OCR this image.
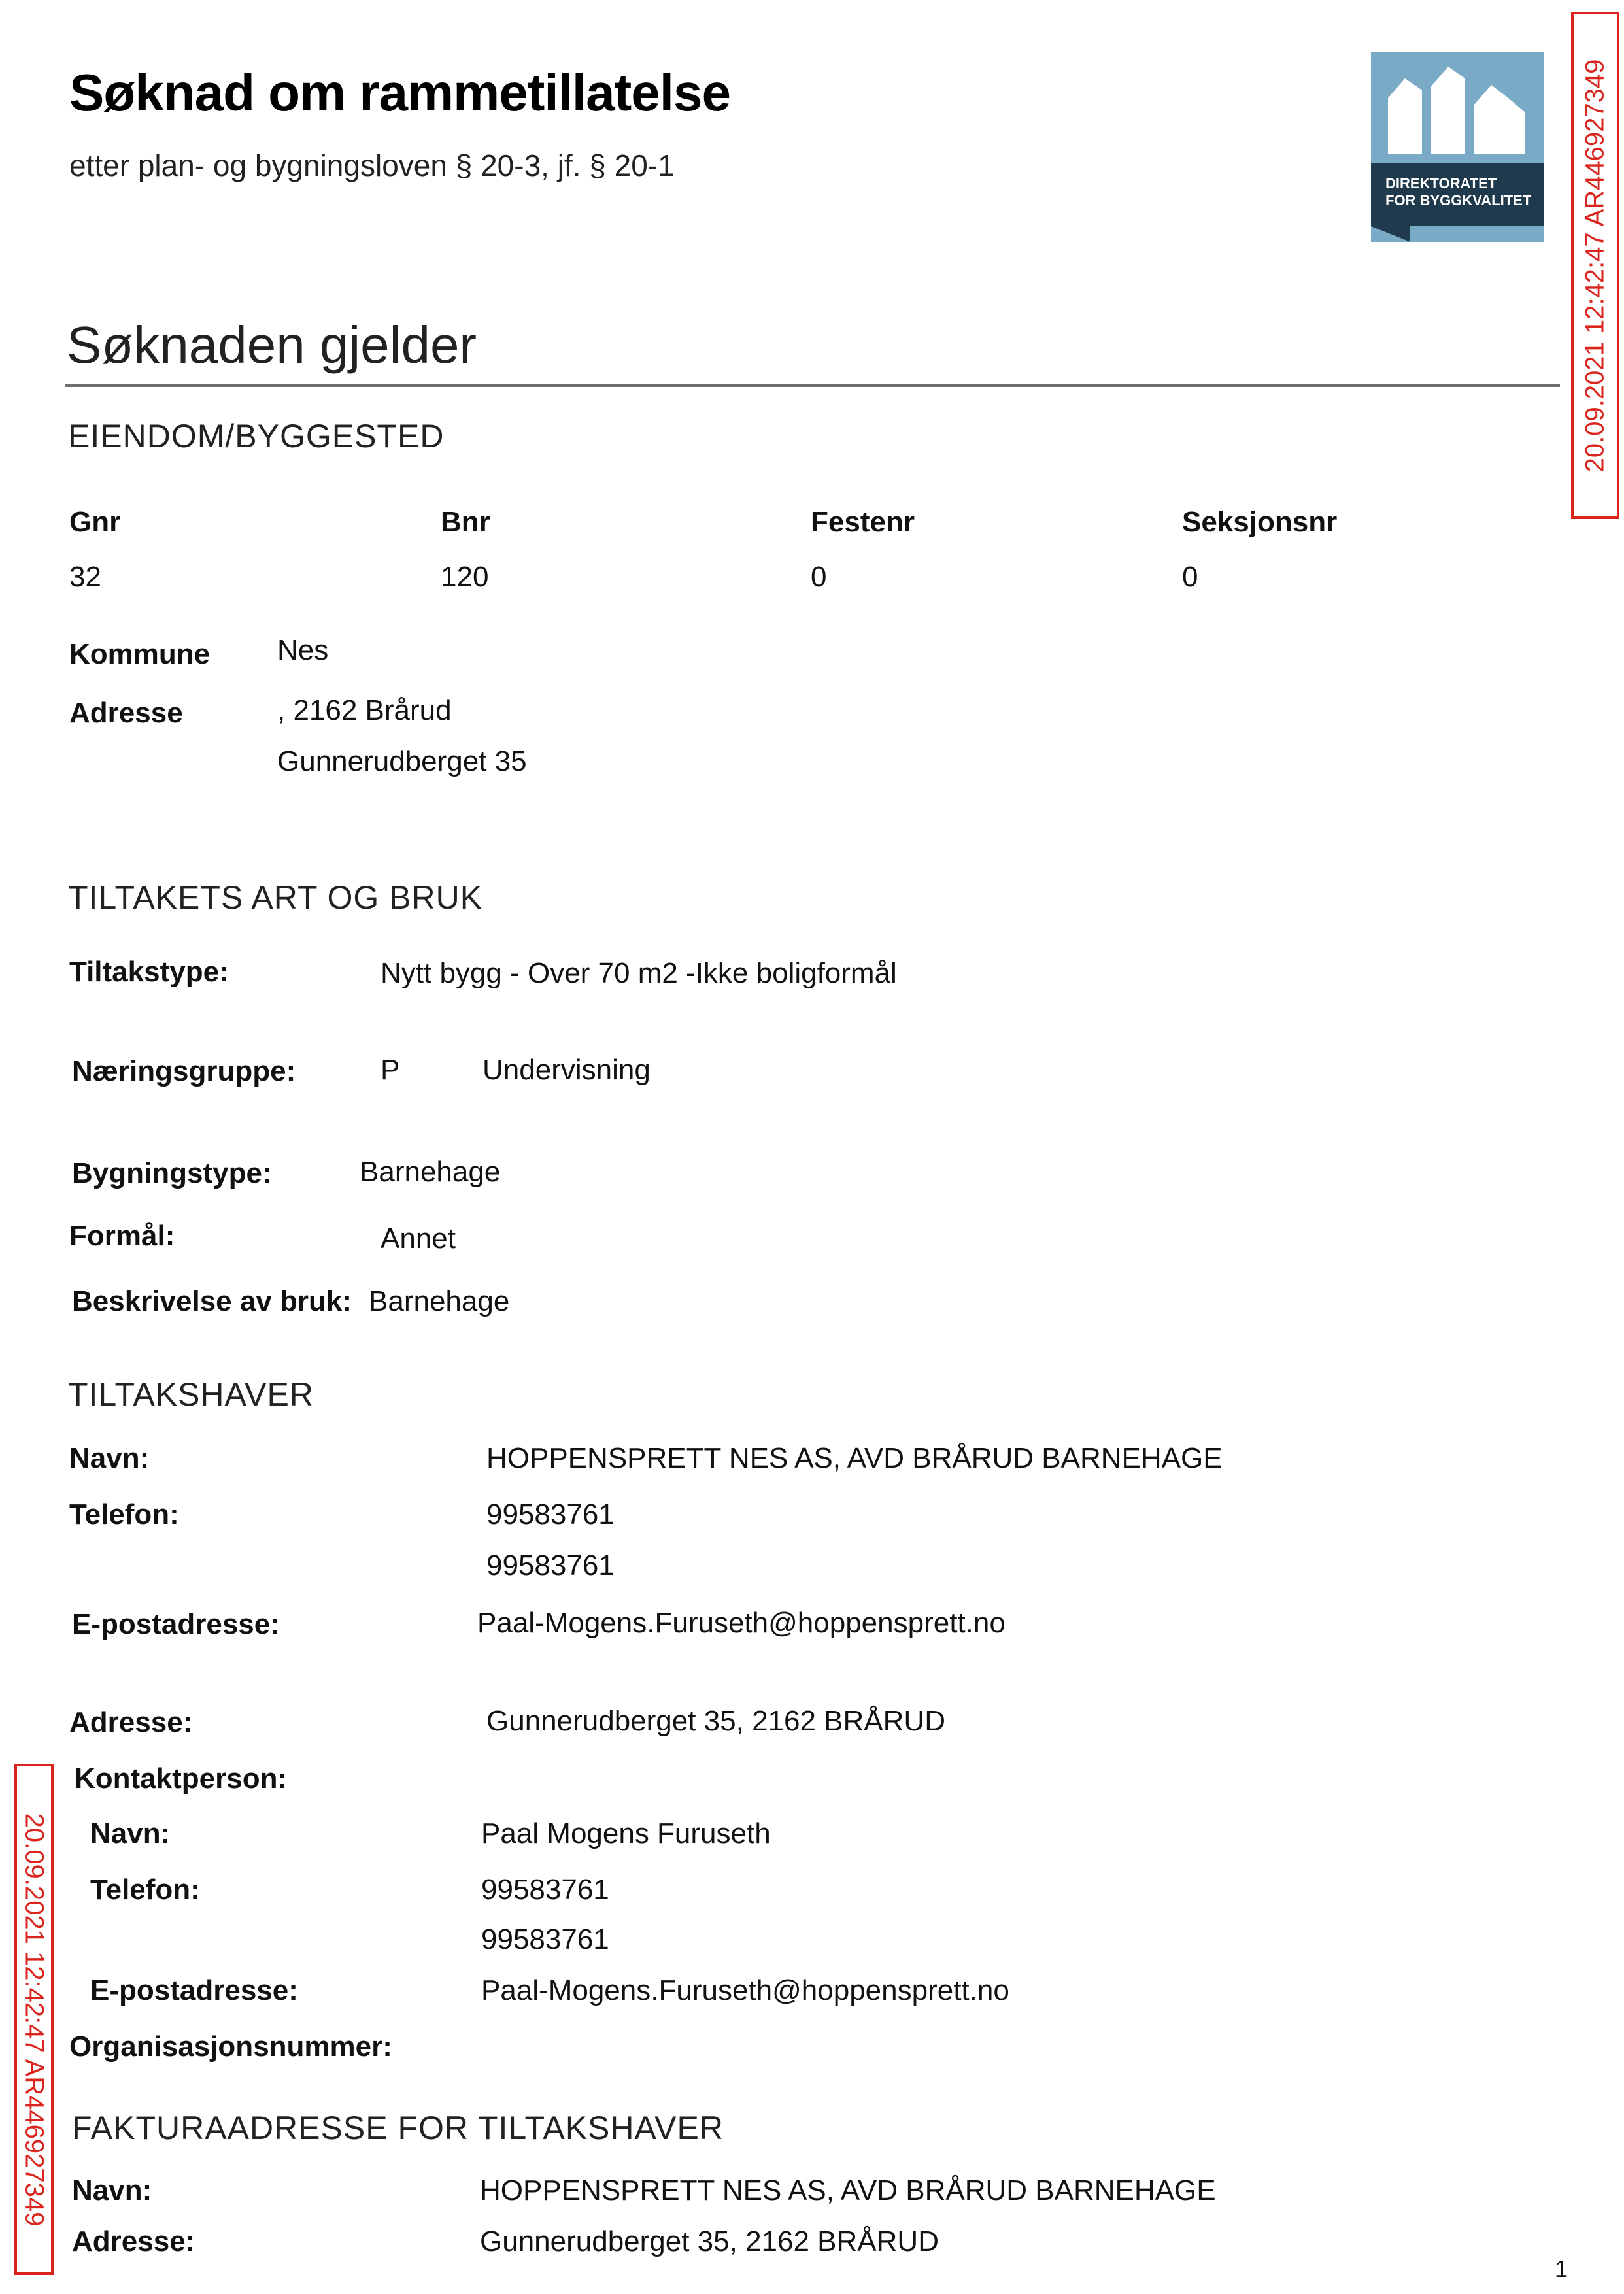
Søknad om rammetillatelse
etter plan- og bygningsloven § 20-3, jf. § 20-1
DIREKTORATET
FOR BYGGKVALITET 20.09.2021 12:42:47 AR446927349
20.09.2021 12:42:47 AR446927349
Søknaden gjelder
EIENDOM/BYGGESTED
Gnr	Bnr	Festenr	Seksjonsnr
32	120	0	0
Kommune Nes
Adresse	, 2162 Brårud
Gunnerudberget 35
TILTAKETS ART OG BRUK
Tiltakstype:	Nytt bygg - Over 70 m2 -Ikke boligformål
Næringsgruppe:	P	Undervisning
Bygningstype:	Barnehage
Formål:	Annet
Beskrivelse av bruk: Barnehage
TILTAKSHAVER
Navn:	HOPPENSPRETT NES AS, AVD BRÅRUD BARNEHAGE
Telefon:	99583761
99583761
E-postadresse:	Paal-Mogens.Furuseth@hoppensprett.no
Adresse:	Gunnerudberget 35, 2162 BRÅRUD
Kontaktperson:
Navn:	Paal Mogens Furuseth
Telefon:	99583761
99583761
E-postadresse:	Paal-Mogens.Furuseth@hoppensprett.no
Organisasjonsnummer:
FAKTURAADRESSE FOR TILTAKSHAVER
Navn:	HOPPENSPRETT NES AS, AVD BRÅRUD BARNEHAGE
Adresse:	Gunnerudberget 35, 2162 BRÅRUD
1
